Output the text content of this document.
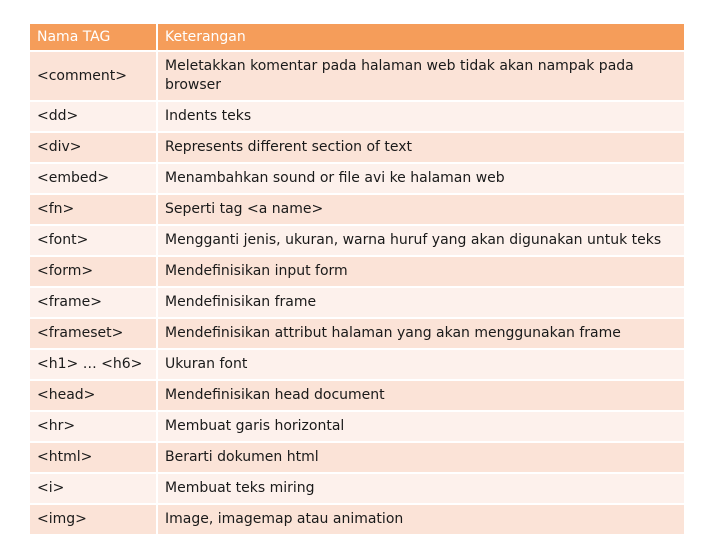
Nama TAG	Keterangan
<comment>	Meletakkan komentar pada halaman web tidak akan nampak pada browser
<dd>	Indents teks
<div>	Represents different section of text
<embed>	Menambahkan sound or file avi ke halaman web
<fn>	Seperti tag <a name>
<font>	Mengganti jenis, ukuran, warna huruf yang akan digunakan untuk teks
<form>	Mendefinisikan input form
<frame>	Mendefinisikan frame
<frameset>	Mendefinisikan attribut halaman yang akan menggunakan frame
<h1> … <h6>	Ukuran font
<head>	Mendefinisikan head document
<hr>	Membuat garis horizontal
<html>	Berarti dokumen html
<i>	Membuat teks miring
<img>	Image, imagemap atau animation
